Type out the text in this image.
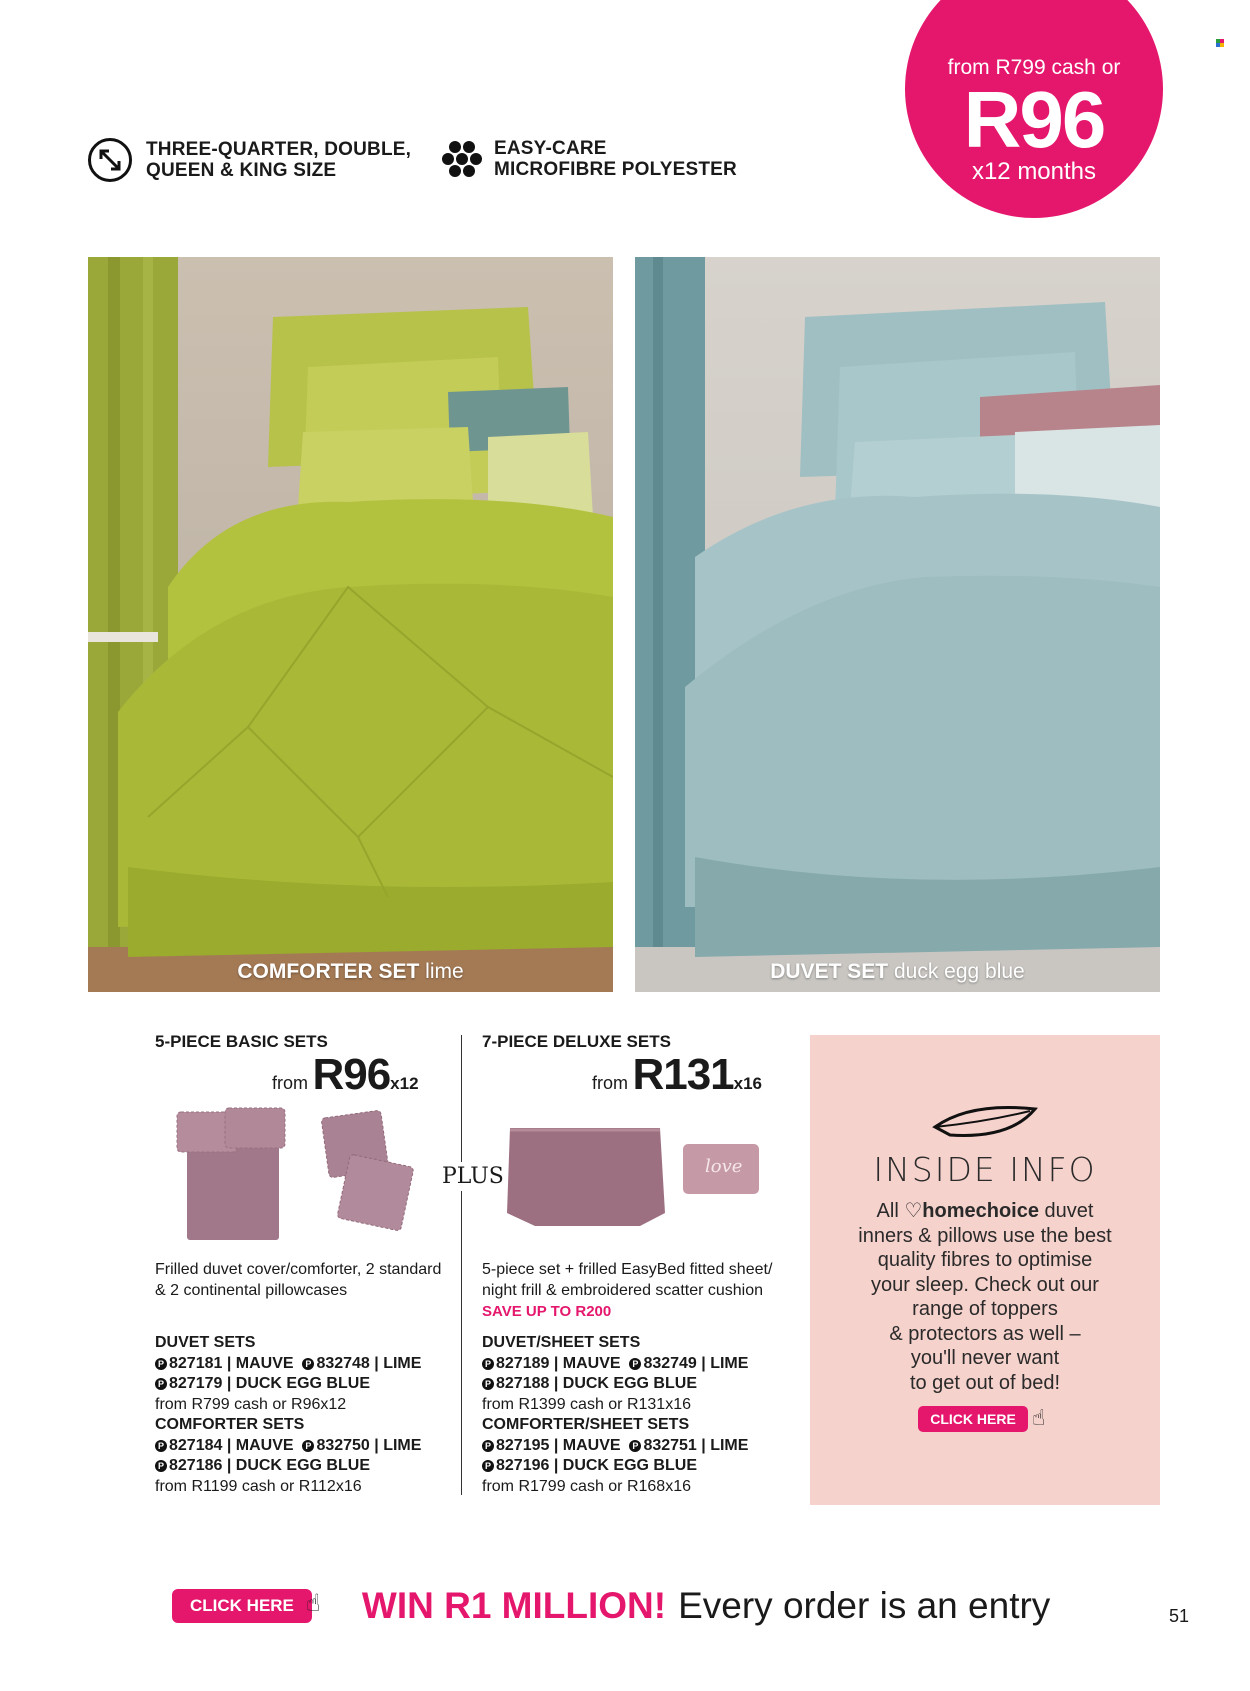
THREE-QUARTER, DOUBLE,
QUEEN & KING SIZE
EASY-CARE
MICROFIBRE POLYESTER
from R799 cash or
R96
x12 months
COMFORTER SET lime	DUVET SET duck egg blue
5-PIECE BASIC SETS
from R96x12
Frilled duvet cover/comforter, 2 standard
& 2 continental pillowcases
DUVET SETS
P 827181 | MAUVE P 832748 | LIME
P 827179 | DUCK EGG BLUE
from R799 cash or R96x12
COMFORTER SETS
P 827184 | MAUVE P 832750 | LIME
P 827186 | DUCK EGG BLUE
from R1199 cash or R112x16
PLUS
7-PIECE DELUXE SETS
from R131x16
love
5-piece set + frilled EasyBed fitted sheet/
night frill & embroidered scatter cushion
SAVE UP TO R200
DUVET/SHEET SETS
P 827189 | MAUVE P 832749 | LIME
P 827188 | DUCK EGG BLUE
from R1399 cash or R131x16
COMFORTER/SHEET SETS
P 827195 | MAUVE P 832751 | LIME
P 827196 | DUCK EGG BLUE
from R1799 cash or R168x16
INSIDE INFO
All ♡homechoice duvet
inners & pillows use the best
quality fibres to optimise
your sleep. Check out our
range of toppers
& protectors as well –
you'll never want
to get out of bed!
CLICK HERE ☝
CLICK HERE ☝ WIN R1 MILLION! Every order is an entry	51
